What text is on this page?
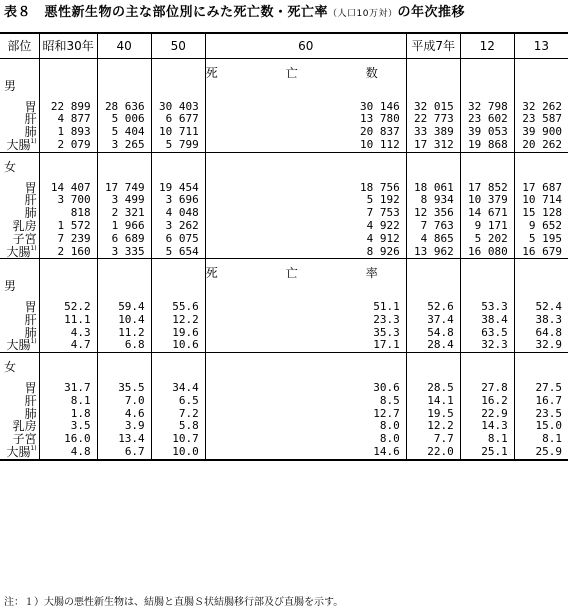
表８　悪性新生物の主な部位別にみた死亡数・死亡率（人口10万対）の年次推移
部位	昭和30年	40	50	60	平成7年	12	13

				死　亡　数			
男							

胃	22 899	28 636	30 403	30 146	32 015	32 798	32 262
肝	4 877	5 006	6 677	13 780	22 773	23 602	23 587
肺	1 893	5 404	10 711	20 837	33 389	39 053	39 900
大腸$^{1)}$	2 079	3 265	5 799	10 112	17 312	19 868	20 262

女							

胃	14 407	17 749	19 454	18 756	18 061	17 852	17 687
肝	3 700	3 499	3 696	5 192	8 934	10 379	10 714
肺	818	2 321	4 048	7 753	12 356	14 671	15 128
乳房	1 572	1 966	3 262	4 922	7 763	9 171	9 652
子宮	7 239	6 689	6 075	4 912	4 865	5 202	5 195
大腸$^{1)}$	2 160	3 335	5 654	8 926	13 962	16 080	16 679

				死　亡　率			
男							

胃	52.2	59.4	55.6	51.1	52.6	53.3	52.4
肝	11.1	10.4	12.2	23.3	37.4	38.4	38.3
肺	4.3	11.2	19.6	35.3	54.8	63.5	64.8
大腸$^{1)}$	4.7	6.8	10.6	17.1	28.4	32.3	32.9

女							

胃	31.7	35.5	34.4	30.6	28.5	27.8	27.5
肝	8.1	7.0	6.5	8.5	14.1	16.2	16.7
肺	1.8	4.6	7.2	12.7	19.5	22.9	23.5
乳房	3.5	3.9	5.8	8.0	12.2	14.3	15.0
子宮	16.0	13.4	10.7	8.0	7.7	8.1	8.1
大腸$^{1)}$	4.8	6.7	10.0	14.6	22.0	25.1	25.9
注：１）大腸の悪性新生物は、結腸と直腸Ｓ状結腸移行部及び直腸を示す。
